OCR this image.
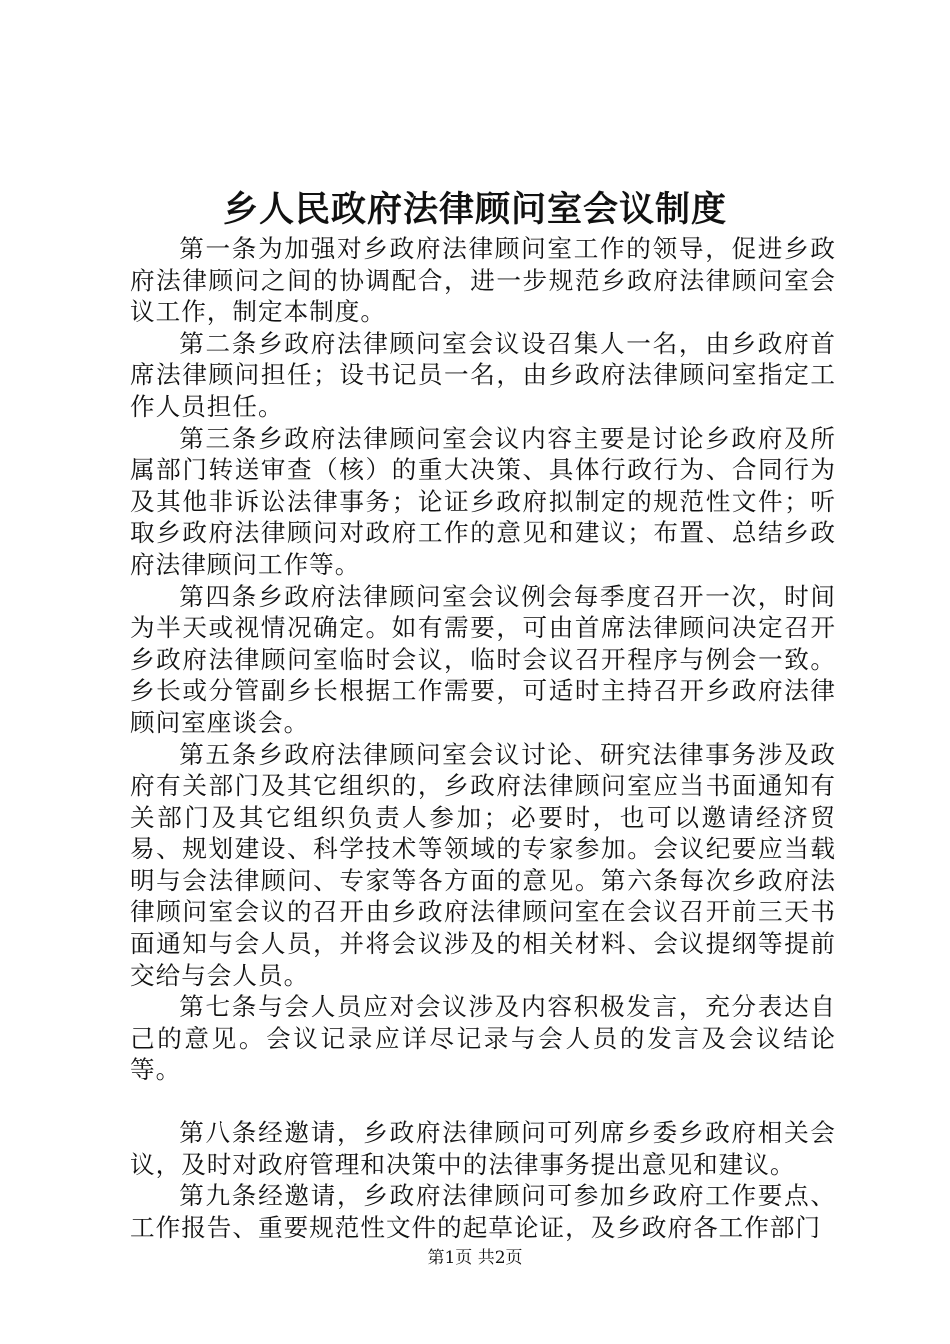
乡人民政府法律顾问室会议制度

第一条为加强对乡政府法律顾问室工作的领导，促进乡政府法律顾问之间的协调配合，进一步规范乡政府法律顾问室会议工作，制定本制度。

第二条乡政府法律顾问室会议设召集人一名，由乡政府首席法律顾问担任；设书记员一名，由乡政府法律顾问室指定工作人员担任。

第三条乡政府法律顾问室会议内容主要是讨论乡政府及所属部门转送审查（核）的重大决策、具体行政行为、合同行为及其他非诉讼法律事务；论证乡政府拟制定的规范性文件；听取乡政府法律顾问对政府工作的意见和建议；布置、总结乡政府法律顾问工作等。

第四条乡政府法律顾问室会议例会每季度召开一次，时间为半天或视情况确定。如有需要，可由首席法律顾问决定召开乡政府法律顾问室临时会议，临时会议召开程序与例会一致。乡长或分管副乡长根据工作需要，可适时主持召开乡政府法律顾问室座谈会。

第五条乡政府法律顾问室会议讨论、研究法律事务涉及政府有关部门及其它组织的，乡政府法律顾问室应当书面通知有关部门及其它组织负责人参加；必要时，也可以邀请经济贸易、规划建设、科学技术等领域的专家参加。会议纪要应当载明与会法律顾问、专家等各方面的意见。第六条每次乡政府法律顾问室会议的召开由乡政府法律顾问室在会议召开前三天书面通知与会人员，并将会议涉及的相关材料、会议提纲等提前交给与会人员。

第七条与会人员应对会议涉及内容积极发言，充分表达自己的意见。会议记录应详尽记录与会人员的发言及会议结论等。

第八条经邀请，乡政府法律顾问可列席乡委乡政府相关会议，及时对政府管理和决策中的法律事务提出意见和建议。

第九条经邀请，乡政府法律顾问可参加乡政府工作要点、工作报告、重要规范性文件的起草论证，及乡政府各工作部门

第1页 共2页
